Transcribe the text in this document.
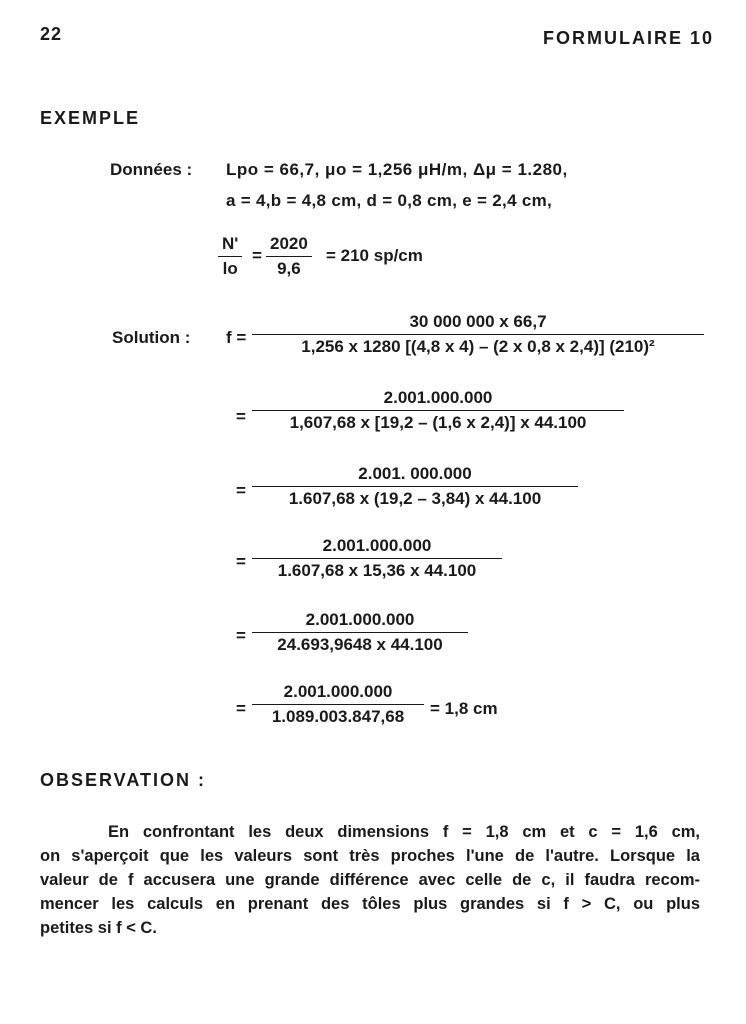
22	FORMULAIRE 10
EXEMPLE
Données : Lpo = 66,7, μo = 1,256 μH/m, Δμ = 1.280,
a = 4,b = 4,8 cm, d = 0,8 cm, e = 2,4 cm,
$\frac{N'}{lo} = \frac{2020}{9,6} = 210$ sp/cm
Solution : $f = \frac{30 000 000 x 66,7}{\text{1,256 x 1280 [(4,8 x 4) – (2 x 0,8 x 2,4)] (210)²}}$
= $\frac{2.001.000.000}{1,607,68 x [19,2 - (1,6 x 2,4)] x 44.100}$
= $\frac{2.001. 000.000}{1.607,68 x (19,2 - 3,84) x 44.100}$
= $\frac{2.001.000.000}{1.607,68 x 15,36 x 44.100}$
= $\frac{2.001.000.000}{24.693,9648 x 44.100}$
= $\frac{2.001.000.000}{1.089.003.847,68} = 1,8$ cm
OBSERVATION :
En confrontant les deux dimensions f = 1,8 cm et c = 1,6 cm,
on s'aperçoit que les valeurs sont très proches l'une de l'autre. Lorsque la
valeur de f accusera une grande différence avec celle de c, il faudra recom-
mencer les calculs en prenant des tôles plus grandes si f > C, ou plus
petites si f < C.
